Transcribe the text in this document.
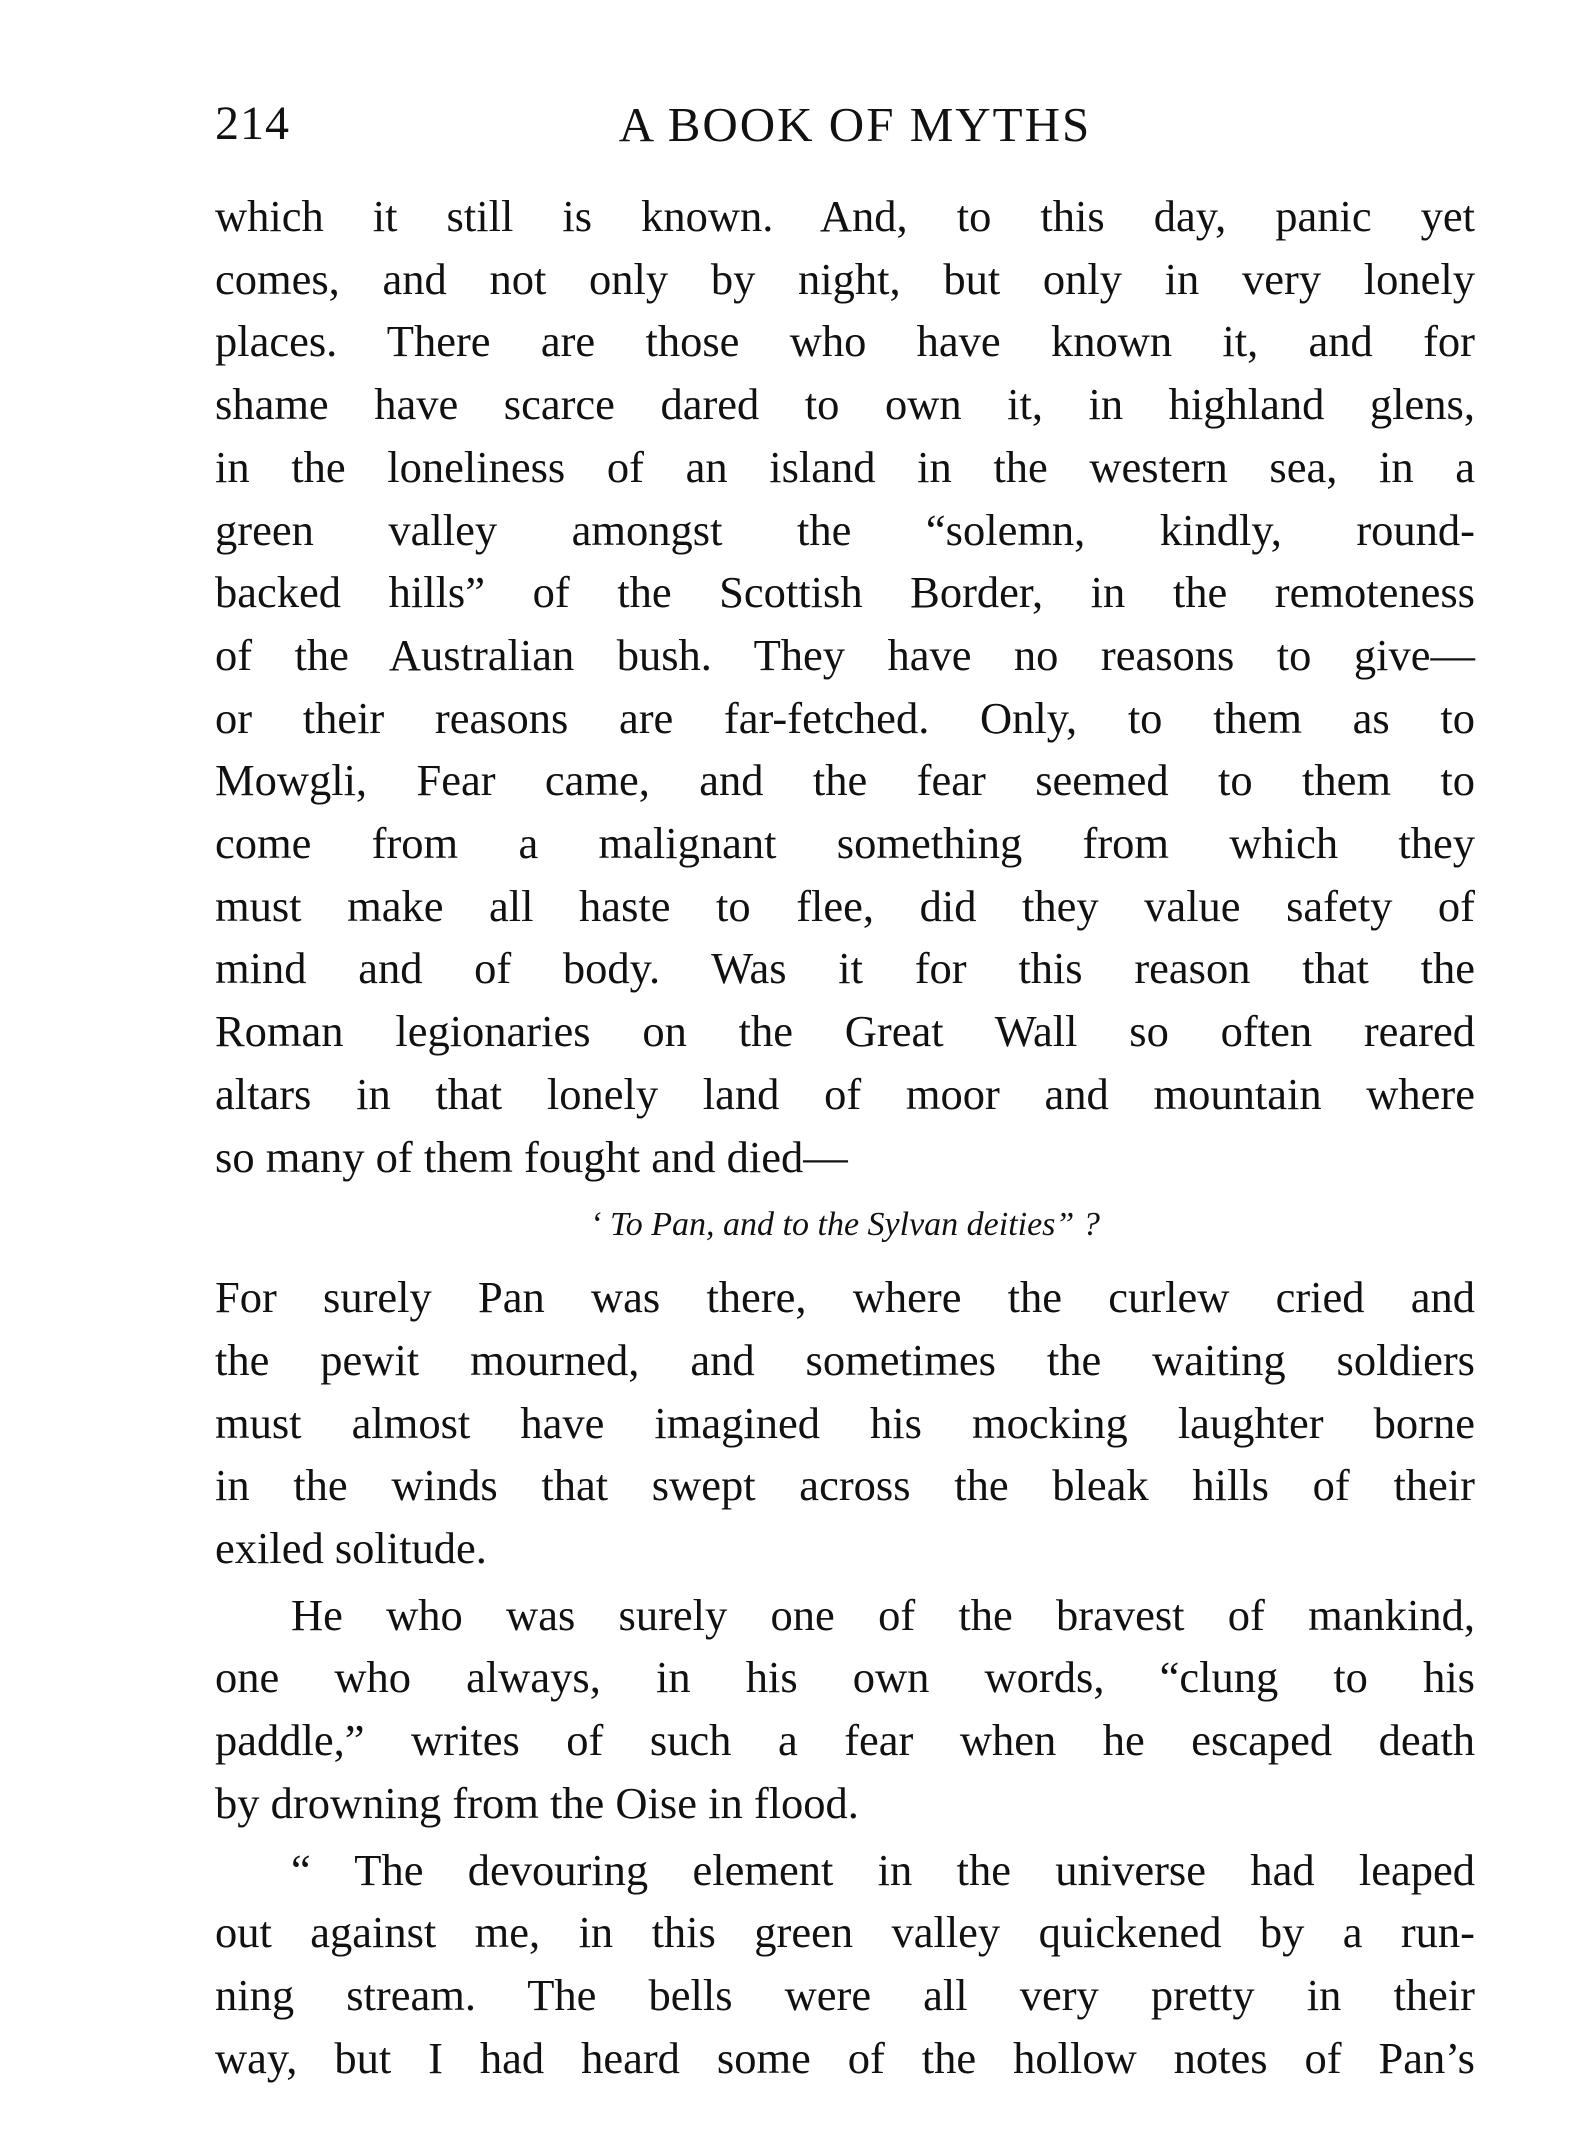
214	A BOOK OF MYTHS

which it still is known. And, to this day, panic yet

comes, and not only by night, but only in very lonely

places. There are those who have known it, and for

shame have scarce dared to own it, in highland glens,

in the loneliness of an island in the western sea, in a

green valley amongst the “solemn, kindly, round-

backed hills” of the Scottish Border, in the remoteness

of the Australian bush. They have no reasons to give—

or their reasons are far-fetched. Only, to them as to

Mowgli, Fear came, and the fear seemed to them to

come from a malignant something from which they

must make all haste to flee, did they value safety of

mind and of body. Was it for this reason that the

Roman legionaries on the Great Wall so often reared

altars in that lonely land of moor and mountain where

so many of them fought and died—

‘ To Pan, and to the Sylvan deities” ?

For surely Pan was there, where the curlew cried and

the pewit mourned, and sometimes the waiting soldiers

must almost have imagined his mocking laughter borne

in the winds that swept across the bleak hills of their

exiled solitude.

He who was surely one of the bravest of mankind,

one who always, in his own words, “clung to his

paddle,” writes of such a fear when he escaped death

by drowning from the Oise in flood.

“ The devouring element in the universe had leaped

out against me, in this green valley quickened by a run-

ning stream. The bells were all very pretty in their

way, but I had heard some of the hollow notes of Pan’s
